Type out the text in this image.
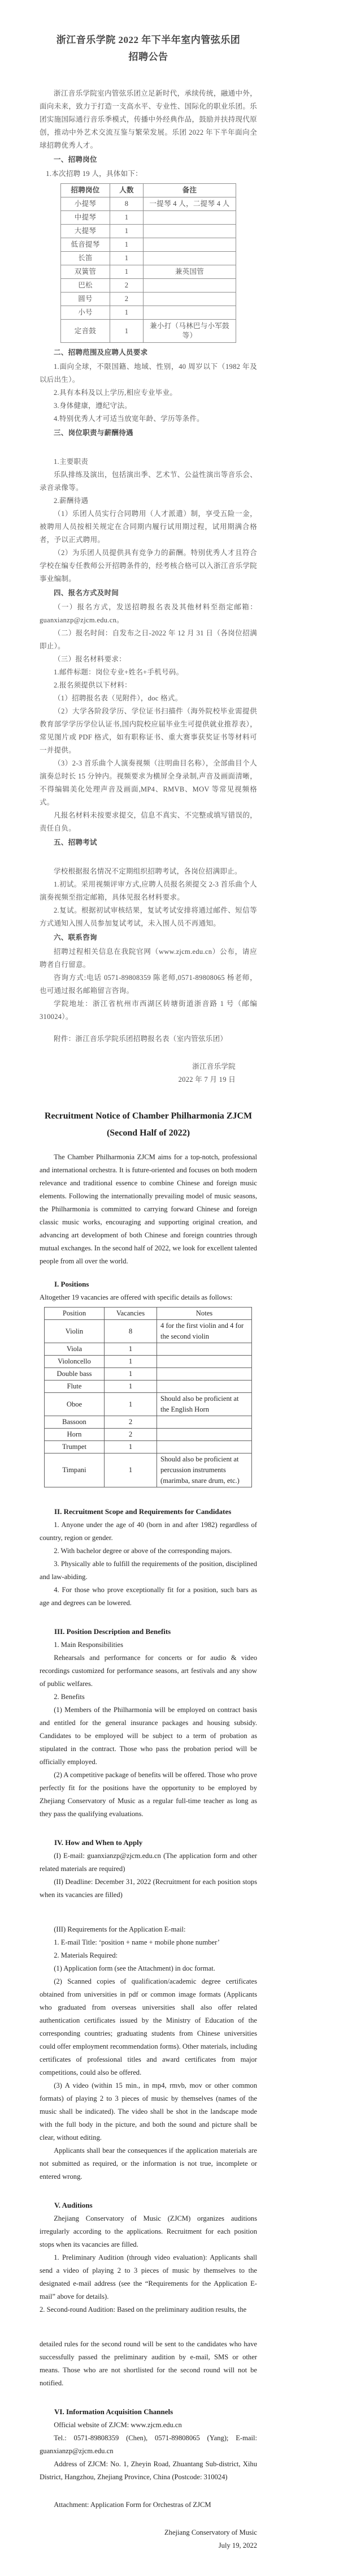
浙江音乐学院 2022 年下半年室内管弦乐团
招聘公告
浙江音乐学院室内管弦乐团立足新时代，承续传统，融通中外，面向未来，致力于打造一支高水平、专业性、国际化的职业乐团。乐团实施国际通行音乐季模式，传播中外经典作品，鼓励并扶持现代原创，推动中外艺术交流互鉴与繁荣发展。乐团 2022 年下半年面向全球招聘优秀人才。
一、招聘岗位
1.本次招聘 19 人，具体如下：
招聘岗位	人数	备注
小提琴	8	一提琴 4 人，二提琴 4 人
中提琴	1	
大提琴	1	
低音提琴	1	
长笛	1	
双簧管	1	兼英国管
巴松	2	
圆号	2	
小号	1	
定音鼓	1	兼小打（马林巴与小军鼓等）
二、招聘范围及应聘人员要求
1.面向全球，不限国籍、地域、性别，40 周岁以下（1982 年及以后出生）。
2.具有本科及以上学历,相应专业毕业。
3.身体健康，遵纪守法。
4.特别优秀人才可适当放宽年龄、学历等条件。
三、岗位职责与薪酬待遇
1.主要职责
乐队排练及演出，包括演出季、艺术节、公益性演出等音乐会、录音录像等。
2.薪酬待遇
（1）乐团人员实行合同聘用（人才派遣）制，享受五险一金，被聘用人员按相关规定在合同期内履行试用期过程，试用期满合格者，予以正式聘用。
（2）为乐团人员提供具有竞争力的薪酬。特别优秀人才且符合学校在编专任教师公开招聘条件的，经考核合格可以入浙江音乐学院事业编制。
四、报名方式及时间
（一）报名方式，发送招聘报名表及其他材料至指定邮箱：guanxianzp@zjcm.edu.cn。
（二）报名时间：自发布之日-2022 年 12 月 31 日（各岗位招满即止）。
（三）报名材料要求：
1.邮件标题：岗位专业+姓名+手机号码。
2.报名须提供以下材料：
（1）招聘报名表（见附件），doc 格式。
（2）大学各阶段学历、学位证书扫描件（海外院校毕业需提供教育部学学历学位认证书,国内院校应届毕业生可提供就业推荐表），常见图片或 PDF 格式，如有职称证书、重大赛事获奖证书等材料可一并提供。
（3）2-3 首乐曲个人演奏视频（注明曲目名称），全部曲目个人演奏总时长 15 分钟内。视频要求为横屏全身录制,声音及画面清晰，不得编辑美化处理声音及画面,MP4、RMVB、MOV 等常见视频格式。
凡报名材料未按要求提交，信息不真实、不完整或填写错误的，责任自负。
五、招聘考试
学校根据报名情况不定期组织招聘考试，各岗位招满即止。
1.初试。采用视频评审方式,应聘人员报名须提交 2-3 首乐曲个人演奏视频至指定邮箱，具体见报名材料要求。
2.复试。根据初试审核结果，复试考试安排将通过邮件、短信等方式通知入围人员参加复试考试，未入围人员不再通知。
六、联系咨询
招聘过程相关信息在我院官网（www.zjcm.edu.cn）公布，请应聘者自行留意。
咨询方式:电话 0571-89808359 陈老师,0571-89808065 杨老师，也可通过报名邮箱留言咨询。
学院地址：浙江省杭州市西湖区转塘街道浙音路 1 号（邮编 310024）。
附件：浙江音乐学院乐团招聘报名表（室内管弦乐团）
浙江音乐学院
2022 年 7 月 19 日
Recruitment Notice of Chamber Philharmonia ZJCM
(Second Half of 2022)
The Chamber Philharmonia ZJCM aims for a top-notch, professional and international orchestra. It is future-oriented and focuses on both modern relevance and traditional essence to combine Chinese and foreign music elements. Following the internationally prevailing model of music seasons, the Philharmonia is committed to carrying forward Chinese and foreign classic music works, encouraging and supporting original creation, and advancing art development of both Chinese and foreign countries through mutual exchanges. In the second half of 2022, we look for excellent talented people from all over the world.
I. Positions
Altogether 19 vacancies are offered with specific details as follows:
Position	Vacancies	Notes
Violin	8	4 for the first violin and 4 for the second violin
Viola	1	
Violoncello	1	
Double bass	1	
Flute	1	
Oboe	1	Should also be proficient at the English Horn
Bassoon	2	
Horn	2	
Trumpet	1	
Timpani	1	Should also be proficient at percussion instruments (marimba, snare drum, etc.)
II. Recruitment Scope and Requirements for Candidates
1. Anyone under the age of 40 (born in and after 1982) regardless of country, region or gender.
2. With bachelor degree or above of the corresponding majors.
3. Physically able to fulfill the requirements of the position, disciplined and law-abiding.
4. For those who prove exceptionally fit for a position, such bars as age and degrees can be lowered.
III. Position Description and Benefits
1. Main Responsibilities
Rehearsals and performance for concerts or for audio & video recordings customized for performance seasons, art festivals and any show of public welfares.
2. Benefits
(1) Members of the Philharmonia will be employed on contract basis and entitled for the general insurance packages and housing subsidy. Candidates to be employed will be subject to a term of probation as stipulated in the contract. Those who pass the probation period will be officially employed.
(2) A competitive package of benefits will be offered. Those who prove perfectly fit for the positions have the opportunity to be employed by Zhejiang Conservatory of Music as a regular full-time teacher as long as they pass the qualifying evaluations.
IV. How and When to Apply
(I) E-mail: guanxianzp@zjcm.edu.cn (The application form and other related materials are required)
(II) Deadline: December 31, 2022 (Recruitment for each position stops when its vacancies are filled)
(III) Requirements for the Application E-mail:
1. E-mail Title: ‘position + name + mobile phone number’
2. Materials Required:
(1) Application form (see the Attachment) in doc format.
(2) Scanned copies of qualification/academic degree certificates obtained from universities in pdf or common image formats (Applicants who graduated from overseas universities shall also offer related authentication certificates issued by the Ministry of Education of the corresponding countries; graduating students from Chinese universities could offer employment recommendation forms). Other materials, including certificates of professional titles and award certificates from major competitions, could also be offered.
(3) A video (within 15 min., in mp4, rmvb, mov or other common formats) of playing 2 to 3 pieces of music by themselves (names of the music shall be indicated). The video shall be shot in the landscape mode with the full body in the picture, and both the sound and picture shall be clear, without editing.
Applicants shall bear the consequences if the application materials are not submitted as required, or the information is not true, incomplete or entered wrong.
V. Auditions
Zhejiang Conservatory of Music (ZJCM) organizes auditions irregularly according to the applications. Recruitment for each position stops when its vacancies are filled.
1. Preliminary Audition (through video evaluation): Applicants shall send a video of playing 2 to 3 pieces of music by themselves to the designated e-mail address (see the “Requirements for the Application E-mail” above for details).
2. Second-round Audition: Based on the preliminary audition results, the
detailed rules for the second round will be sent to the candidates who have successfully passed the preliminary audition by e-mail, SMS or other means. Those who are not shortlisted for the second round will not be notified.
VI. Information Acquisition Channels
Official website of ZJCM: www.zjcm.edu.cn
Tel.: 0571-89808359 (Chen), 0571-89808065 (Yang); E-mail: guanxianzp@zjcm.edu.cn
Address of ZJCM: No. 1, Zheyin Road, Zhuantang Sub-district, Xihu District, Hangzhou, Zhejiang Province, China (Postcode: 310024)
Attachment: Application Form for Orchestras of ZJCM
Zhejiang Conservatory of Music
July 19, 2022
